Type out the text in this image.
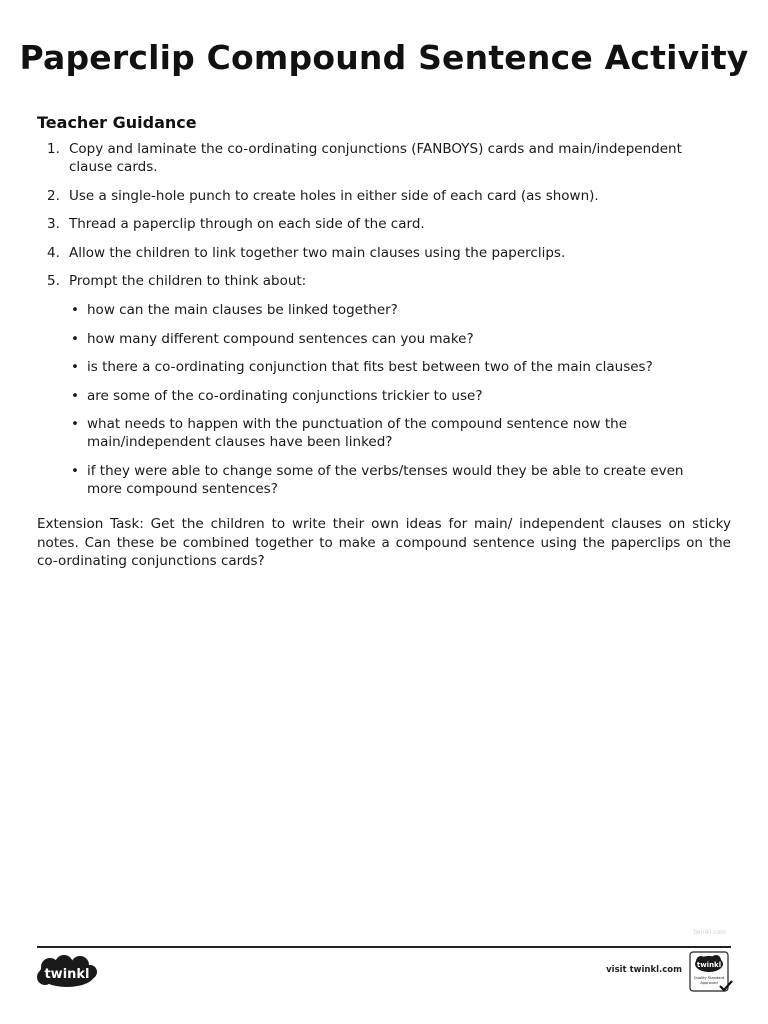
Paperclip Compound Sentence Activity
Teacher Guidance
1. Copy and laminate the co-ordinating conjunctions (FANBOYS) cards and main/independent clause cards.
2. Use a single-hole punch to create holes in either side of each card (as shown).
3. Thread a paperclip through on each side of the card.
4. Allow the children to link together two main clauses using the paperclips.
5. Prompt the children to think about:
• how can the main clauses be linked together?
• how many different compound sentences can you make?
• is there a co-ordinating conjunction that fits best between two of the main clauses?
• are some of the co-ordinating conjunctions trickier to use?
• what needs to happen with the punctuation of the compound sentence now the main/independent clauses have been linked?
• if they were able to change some of the verbs/tenses would they be able to create even more compound sentences?

Extension Task: Get the children to write their own ideas for main/ independent clauses on sticky notes. Can these be combined together to make a compound sentence using the paperclips on the co-ordinating conjunctions cards?

twinkl.com
twinkl	visit twinkl.com twinkl
Quality Standard
Approved
